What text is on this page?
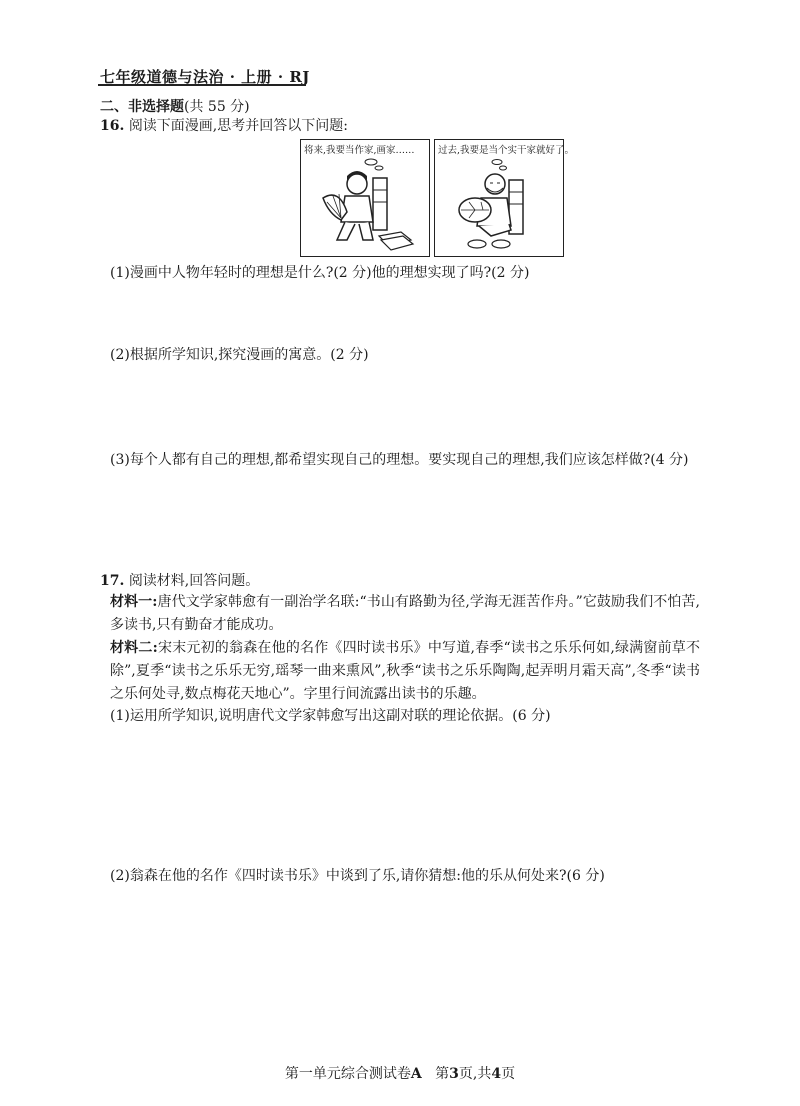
七年级道德与法治 · 上册 · RJ
二、非选择题(共 55 分)
16. 阅读下面漫画,思考并回答以下问题:
将来,我要当作家,画家…… 过去,我要是当个实干家就好了。
(1)漫画中人物年轻时的理想是什么?(2 分)他的理想实现了吗?(2 分)
(2)根据所学知识,探究漫画的寓意。(2 分)
(3)每个人都有自己的理想,都希望实现自己的理想。要实现自己的理想,我们应该怎样做?(4 分)
17. 阅读材料,回答问题。
材料一:唐代文学家韩愈有一副治学名联:“书山有路勤为径,学海无涯苦作舟。”它鼓励我们不怕苦,多读书,只有勤奋才能成功。
材料二:宋末元初的翁森在他的名作《四时读书乐》中写道,春季“读书之乐乐何如,绿满窗前草不除”,夏季“读书之乐乐无穷,瑶琴一曲来熏风”,秋季“读书之乐乐陶陶,起弄明月霜天高”,冬季“读书之乐何处寻,数点梅花天地心”。字里行间流露出读书的乐趣。
(1)运用所学知识,说明唐代文学家韩愈写出这副对联的理论依据。(6 分)
(2)翁森在他的名作《四时读书乐》中谈到了乐,请你猜想:他的乐从何处来?(6 分)
第一单元综合测试卷A 第3页,共4页
